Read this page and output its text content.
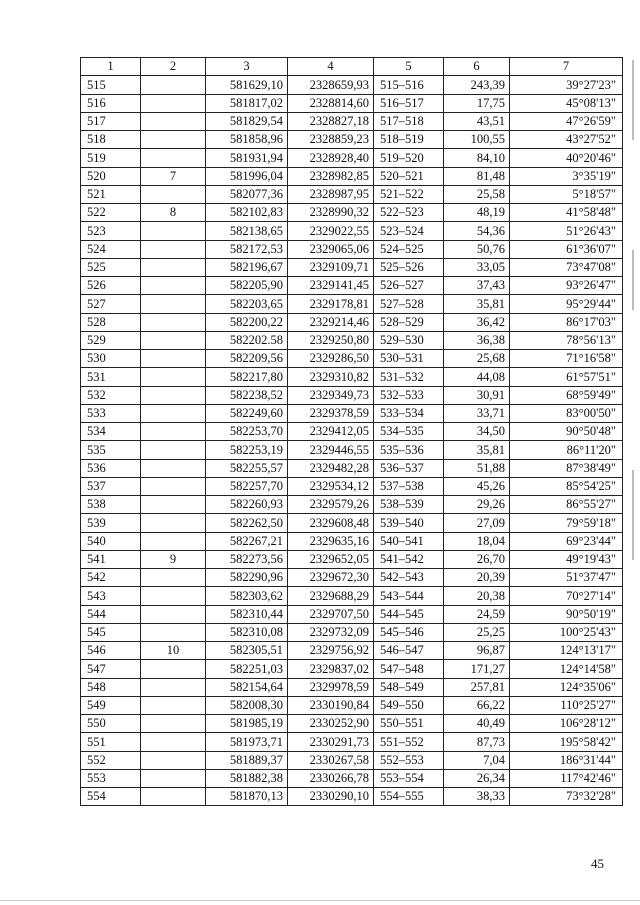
1	2	3	4	5	6	7
515		581629,10	2328659,93	515–516	243,39	39°27'23"
516		581817,02	2328814,60	516–517	17,75	45°08'13"
517		581829,54	2328827,18	517–518	43,51	47°26'59"
518		581858,96	2328859,23	518–519	100,55	43°27'52"
519		581931,94	2328928,40	519–520	84,10	40°20'46"
520	7	581996,04	2328982,85	520–521	81,48	3°35'19"
521		582077,36	2328987,95	521–522	25,58	5°18'57"
522	8	582102,83	2328990,32	522–523	48,19	41°58'48"
523		582138,65	2329022,55	523–524	54,36	51°26'43"
524		582172,53	2329065,06	524–525	50,76	61°36'07"
525		582196,67	2329109,71	525–526	33,05	73°47'08"
526		582205,90	2329141,45	526–527	37,43	93°26'47"
527		582203,65	2329178,81	527–528	35,81	95°29'44"
528		582200,22	2329214,46	528–529	36,42	86°17'03"
529		582202.58	2329250,80	529–530	36,38	78°56'13"
530		582209,56	2329286,50	530–531	25,68	71°16'58"
531		582217,80	2329310,82	531–532	44,08	61°57'51"
532		582238,52	2329349,73	532–533	30,91	68°59'49"
533		582249,60	2329378,59	533–534	33,71	83°00'50"
534		582253,70	2329412,05	534–535	34,50	90°50'48"
535		582253,19	2329446,55	535–536	35,81	86°11'20"
536		582255,57	2329482,28	536–537	51,88	87°38'49"
537		582257,70	2329534,12	537–538	45,26	85°54'25"
538		582260,93	2329579,26	538–539	29,26	86°55'27"
539		582262,50	2329608,48	539–540	27,09	79°59'18"
540		582267,21	2329635,16	540–541	18,04	69°23'44"
541	9	582273,56	2329652,05	541–542	26,70	49°19'43"
542		582290,96	2329672,30	542–543	20,39	51°37'47"
543		582303,62	2329688,29	543–544	20,38	70°27'14"
544		582310,44	2329707,50	544–545	24,59	90°50'19"
545		582310,08	2329732,09	545–546	25,25	100°25'43"
546	10	582305,51	2329756,92	546–547	96,87	124°13'17"
547		582251,03	2329837,02	547–548	171,27	124°14'58"
548		582154,64	2329978,59	548–549	257,81	124°35'06"
549		582008,30	2330190,84	549–550	66,22	110°25'27"
550		581985,19	2330252,90	550–551	40,49	106°28'12"
551		581973,71	2330291,73	551–552	87,73	195°58'42"
552		581889,37	2330267,58	552–553	7,04	186°31'44"
553		581882,38	2330266,78	553–554	26,34	117°42'46"
554		581870,13	2330290,10	554–555	38,33	73°32'28"
45
